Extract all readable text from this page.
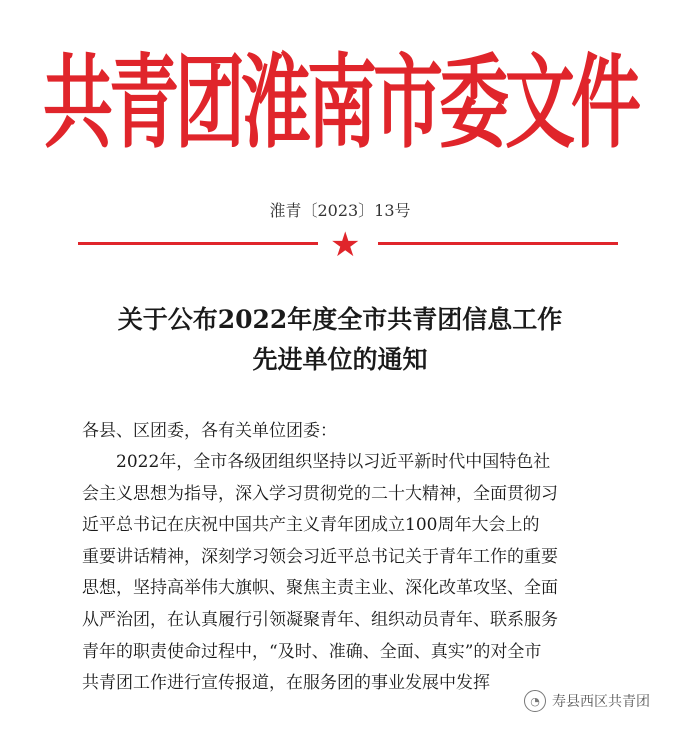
共青团淮南市委文件
淮青〔2023〕13号
★
关于公布2022年度全市共青团信息工作
先进单位的通知
各县、区团委，各有关单位团委：
2022年，全市各级团组织坚持以习近平新时代中国特色社
会主义思想为指导，深入学习贯彻党的二十大精神，全面贯彻习
近平总书记在庆祝中国共产主义青年团成立100周年大会上的
重要讲话精神，深刻学习领会习近平总书记关于青年工作的重要
思想，坚持高举伟大旗帜、聚焦主责主业、深化改革攻坚、全面
从严治团，在认真履行引领凝聚青年、组织动员青年、联系服务
青年的职责使命过程中，“及时、准确、全面、真实”的对全市
共青团工作进行宣传报道，在服务团的事业发展中发挥
◔ 寿县西区共青团
